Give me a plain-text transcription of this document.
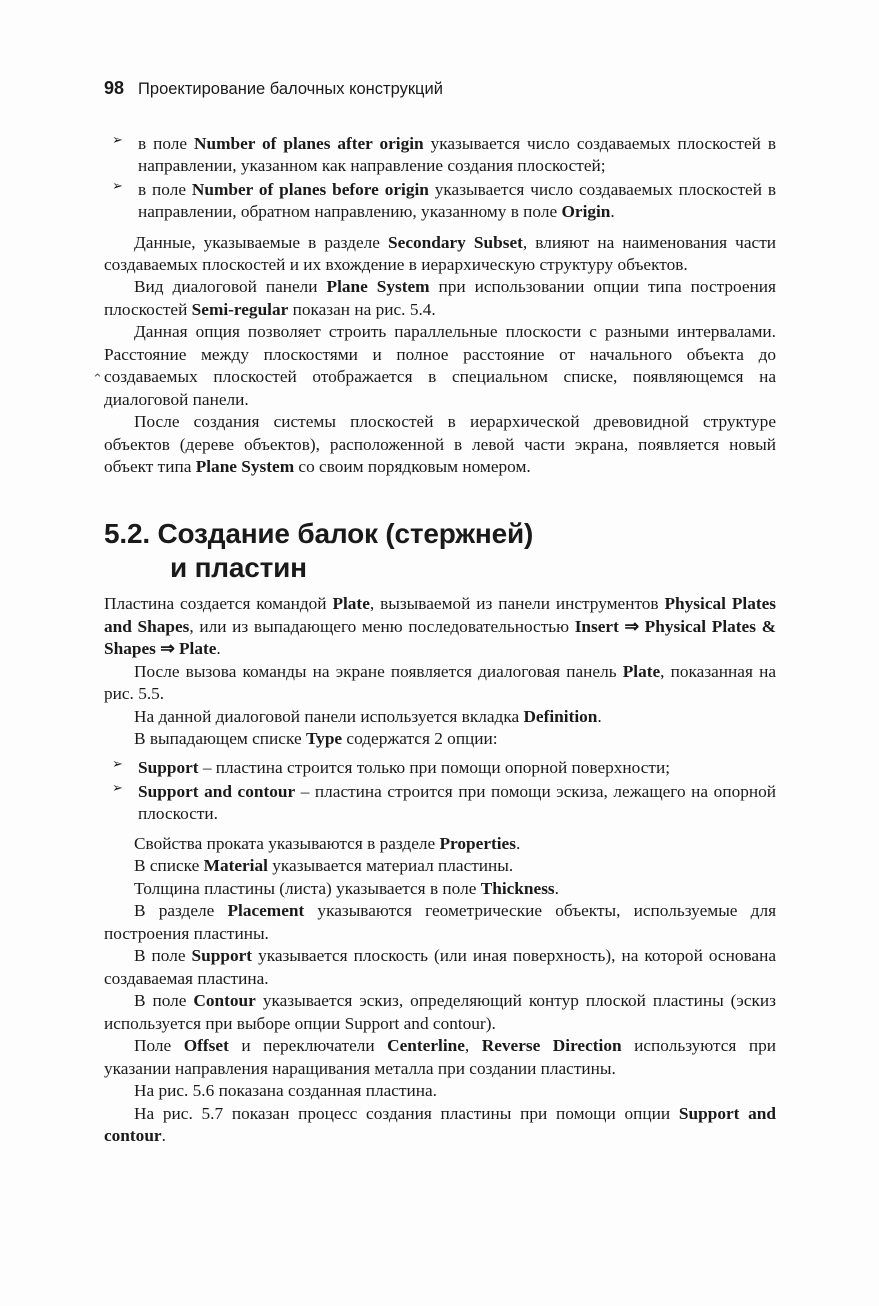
⌃
98 Проектирование балочных конструкций
➢ в поле Number of planes after origin указывается число создаваемых плоскостей в направлении, указанном как направление создания плоскостей;
➢ в поле Number of planes before origin указывается число создаваемых плоскостей в направлении, обратном направлению, указанному в поле Origin.

Данные, указываемые в разделе Secondary Subset, влияют на наименования части создаваемых плоскостей и их вхождение в иерархическую структуру объектов.

Вид диалоговой панели Plane System при использовании опции типа построения плоскостей Semi-regular показан на рис. 5.4.

Данная опция позволяет строить параллельные плоскости с разными интервалами. Расстояние между плоскостями и полное расстояние от начального объекта до создаваемых плоскостей отображается в специальном списке, появляющемся на диалоговой панели.

После создания системы плоскостей в иерархической древовидной структуре объектов (дереве объектов), расположенной в левой части экрана, появляется новый объект типа Plane System со своим порядковым номером.

5.2. Создание балок (стержней)
и пластин

Пластина создается командой Plate, вызываемой из панели инструментов Physical Plates and Shapes, или из выпадающего меню последовательностью Insert ⇒ Physical Plates & Shapes ⇒ Plate.

После вызова команды на экране появляется диалоговая панель Plate, показанная на рис. 5.5.

На данной диалоговой панели используется вкладка Definition.

В выпадающем списке Type содержатся 2 опции:

➢ Support – пластина строится только при помощи опорной поверхности;
➢ Support and contour – пластина строится при помощи эскиза, лежащего на опорной плоскости.

Свойства проката указываются в разделе Properties.

В списке Material указывается материал пластины.

Толщина пластины (листа) указывается в поле Thickness.

В разделе Placement указываются геометрические объекты, используемые для построения пластины.

В поле Support указывается плоскость (или иная поверхность), на которой основана создаваемая пластина.

В поле Contour указывается эскиз, определяющий контур плоской пластины (эскиз используется при выборе опции Support and contour).

Поле Offset и переключатели Centerline, Reverse Direction используются при указании направления наращивания металла при создании пластины.

На рис. 5.6 показана созданная пластина.

На рис. 5.7 показан процесс создания пластины при помощи опции Support and contour.
